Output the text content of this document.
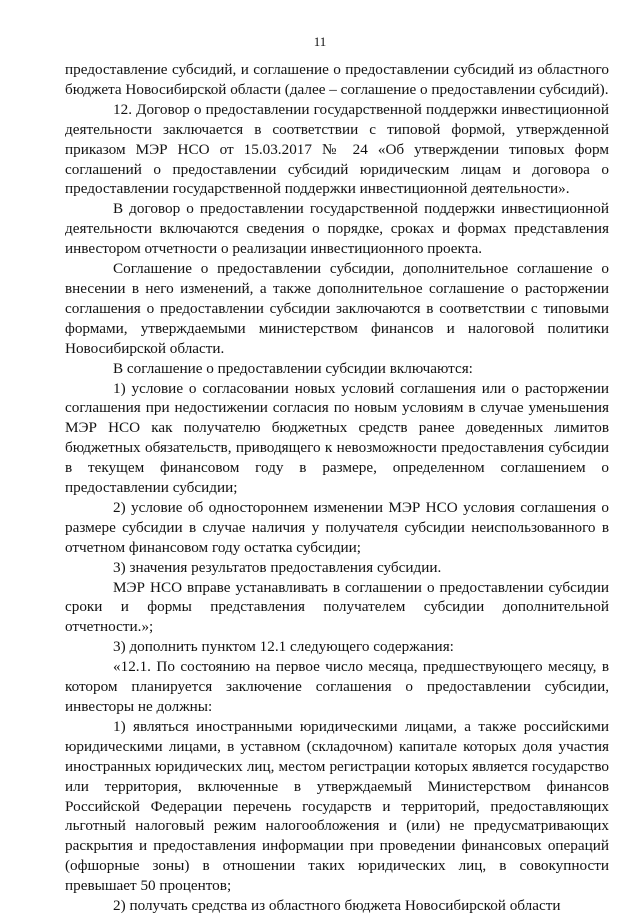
11

предоставление субсидий, и соглашение о предоставлении субсидий из областного бюджета Новосибирской области (далее – соглашение о предоставлении субсидий).

12. Договор о предоставлении государственной поддержки инвестиционной деятельности заключается в соответствии с типовой формой, утвержденной приказом МЭР НСО от 15.03.2017 № 24 «Об утверждении типовых форм соглашений о предоставлении субсидий юридическим лицам и договора о предоставлении государственной поддержки инвестиционной деятельности».

В договор о предоставлении государственной поддержки инвестиционной деятельности включаются сведения о порядке, сроках и формах представления инвестором отчетности о реализации инвестиционного проекта.

Соглашение о предоставлении субсидии, дополнительное соглашение о внесении в него изменений, а также дополнительное соглашение о расторжении соглашения о предоставлении субсидии заключаются в соответствии с типовыми формами, утверждаемыми министерством финансов и налоговой политики Новосибирской области.

В соглашение о предоставлении субсидии включаются:

1) условие о согласовании новых условий соглашения или о расторжении соглашения при недостижении согласия по новым условиям в случае уменьшения МЭР НСО как получателю бюджетных средств ранее доведенных лимитов бюджетных обязательств, приводящего к невозможности предоставления субсидии в текущем финансовом году в размере, определенном соглашением о предоставлении субсидии;

2) условие об одностороннем изменении МЭР НСО условия соглашения о размере субсидии в случае наличия у получателя субсидии неиспользованного в отчетном финансовом году остатка субсидии;

3) значения результатов предоставления субсидии.

МЭР НСО вправе устанавливать в соглашении о предоставлении субсидии сроки и формы представления получателем субсидии дополнительной отчетности.»;

3) дополнить пунктом 12.1 следующего содержания:

«12.1. По состоянию на первое число месяца, предшествующего месяцу, в котором планируется заключение соглашения о предоставлении субсидии, инвесторы не должны:

1) являться иностранными юридическими лицами, а также российскими юридическими лицами, в уставном (складочном) капитале которых доля участия иностранных юридических лиц, местом регистрации которых является государство или территория, включенные в утверждаемый Министерством финансов Российской Федерации перечень государств и территорий, предоставляющих льготный налоговый режим налогообложения и (или) не предусматривающих раскрытия и предоставления информации при проведении финансовых операций (офшорные зоны) в отношении таких юридических лиц, в совокупности превышает 50 процентов;

2) получать средства из областного бюджета Новосибирской области
